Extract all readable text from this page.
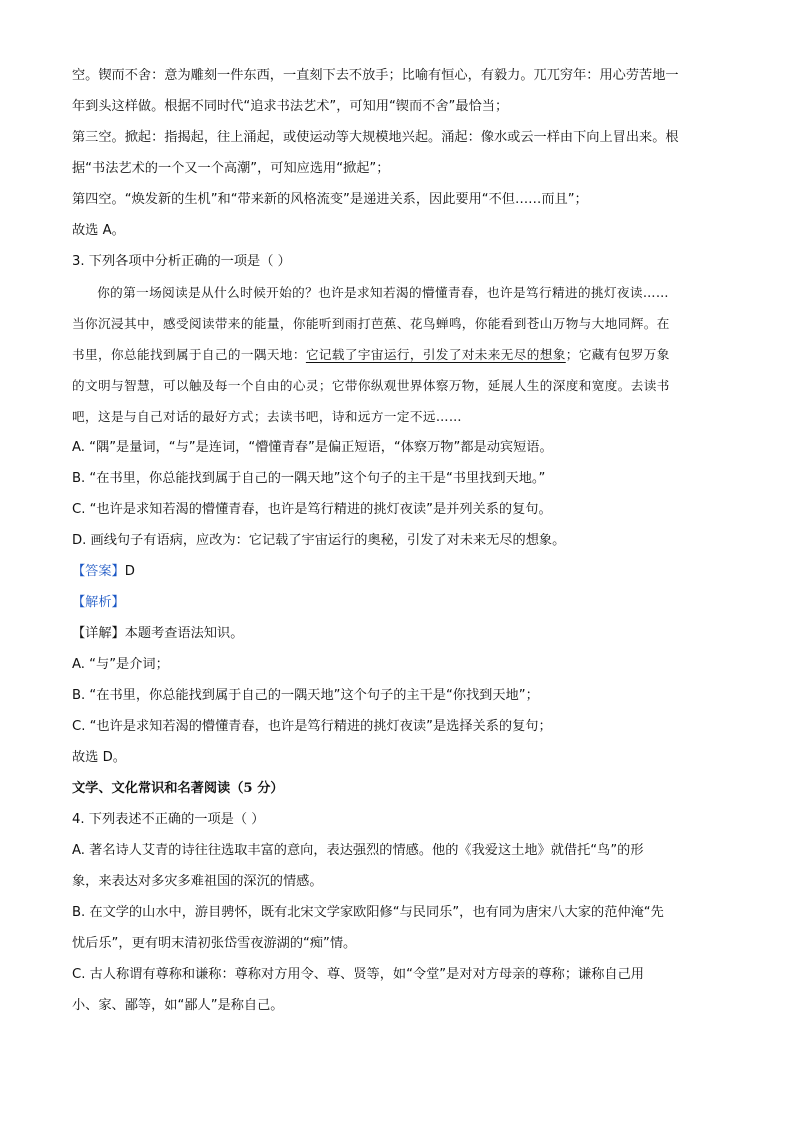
空。锲而不舍：意为雕刻一件东西，一直刻下去不放手；比喻有恒心，有毅力。兀兀穷年：用心劳苦地一

年到头这样做。根据不同时代“追求书法艺术”，可知用“锲而不舍”最恰当；

第三空。掀起：指揭起，往上涌起，或使运动等大规模地兴起。涌起：像水或云一样由下向上冒出来。根

据“书法艺术的一个又一个高潮”，可知应选用“掀起”；

第四空。“焕发新的生机”和“带来新的风格流变”是递进关系，因此要用“不但……而且”；

故选 A。

3. 下列各项中分析正确的一项是（ ）

你的第一场阅读是从什么时候开始的？也许是求知若渴的懵懂青春，也许是笃行精进的挑灯夜读……

当你沉浸其中，感受阅读带来的能量，你能听到雨打芭蕉、花鸟蝉鸣，你能看到苍山万物与大地同辉。在

书里，你总能找到属于自己的一隅天地：它记载了宇宙运行，引发了对未来无尽的想象；它藏有包罗万象

的文明与智慧，可以触及每一个自由的心灵；它带你纵观世界体察万物，延展人生的深度和宽度。去读书

吧，这是与自己对话的最好方式；去读书吧，诗和远方一定不远……

A. “隅”是量词，“与”是连词，“懵懂青春”是偏正短语，“体察万物”都是动宾短语。

B. “在书里，你总能找到属于自己的一隅天地”这个句子的主干是“书里找到天地。”

C. “也许是求知若渴的懵懂青春，也许是笃行精进的挑灯夜读”是并列关系的复句。

D. 画线句子有语病，应改为：它记载了宇宙运行的奥秘，引发了对未来无尽的想象。

【答案】D

【解析】

【详解】本题考查语法知识。

A. “与”是介词；

B. “在书里，你总能找到属于自己的一隅天地”这个句子的主干是“你找到天地”；

C. “也许是求知若渴的懵懂青春，也许是笃行精进的挑灯夜读”是选择关系的复句；

故选 D。

文学、文化常识和名著阅读（5 分）

4. 下列表述不正确的一项是（ ）

A. 著名诗人艾青的诗往往选取丰富的意向，表达强烈的情感。他的《我爱这土地》就借托“鸟”的形

象，来表达对多灾多难祖国的深沉的情感。

B. 在文学的山水中，游目骋怀，既有北宋文学家欧阳修“与民同乐”，也有同为唐宋八大家的范仲淹“先

忧后乐”，更有明末清初张岱雪夜游湖的“痴”情。

C. 古人称谓有尊称和谦称：尊称对方用令、尊、贤等，如“令堂”是对对方母亲的尊称；谦称自己用

小、家、鄙等，如“鄙人”是称自己。
